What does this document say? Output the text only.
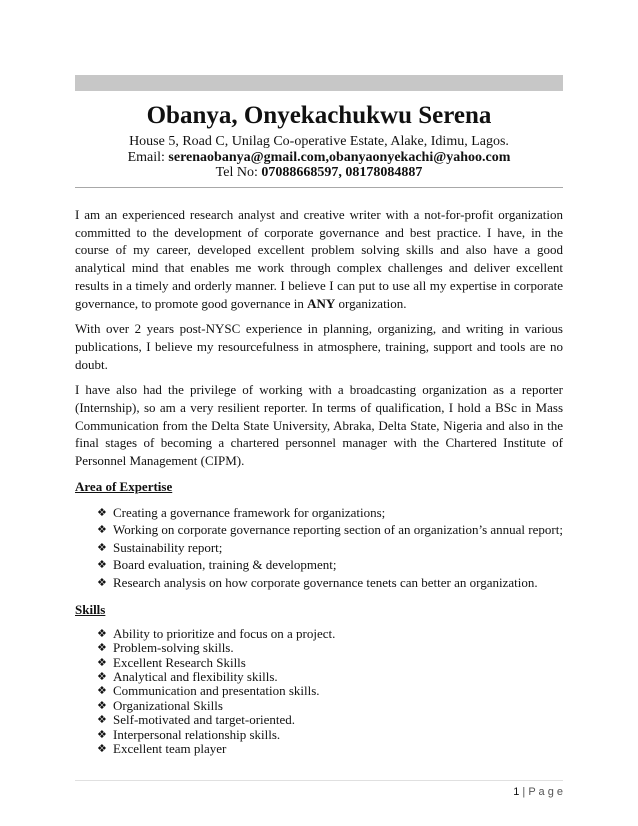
Obanya, Onyekachukwu Serena
House 5, Road C, Unilag Co-operative Estate, Alake, Idimu, Lagos.
Email: serenaobanya@gmail.com,obanyaonyekachi@yahoo.com
Tel No: 07088668597, 08178084887

I am an experienced research analyst and creative writer with a not-for-profit organization committed to the development of corporate governance and best practice. I have, in the course of my career, developed excellent problem solving skills and also have a good analytical mind that enables me work through complex challenges and deliver excellent results in a timely and orderly manner. I believe I can put to use all my expertise in corporate governance, to promote good governance in ANY organization.

With over 2 years post-NYSC experience in planning, organizing, and writing in various publications, I believe my resourcefulness in atmosphere, training, support and tools are no doubt.

I have also had the privilege of working with a broadcasting organization as a reporter (Internship), so am a very resilient reporter. In terms of qualification, I hold a BSc in Mass Communication from the Delta State University, Abraka, Delta State, Nigeria and also in the final stages of becoming a chartered personnel manager with the Chartered Institute of Personnel Management (CIPM).

Area of Expertise
❖ Creating a governance framework for organizations;
❖ Working on corporate governance reporting section of an organization’s annual report;
❖ Sustainability report;
❖ Board evaluation, training & development;
❖ Research analysis on how corporate governance tenets can better an organization.
Skills
❖ Ability to prioritize and focus on a project.
❖ Problem-solving skills.
❖ Excellent Research Skills
❖ Analytical and flexibility skills.
❖ Communication and presentation skills.
❖ Organizational Skills
❖ Self-motivated and target-oriented.
❖ Interpersonal relationship skills.
❖ Excellent team player
1 | P a g e
